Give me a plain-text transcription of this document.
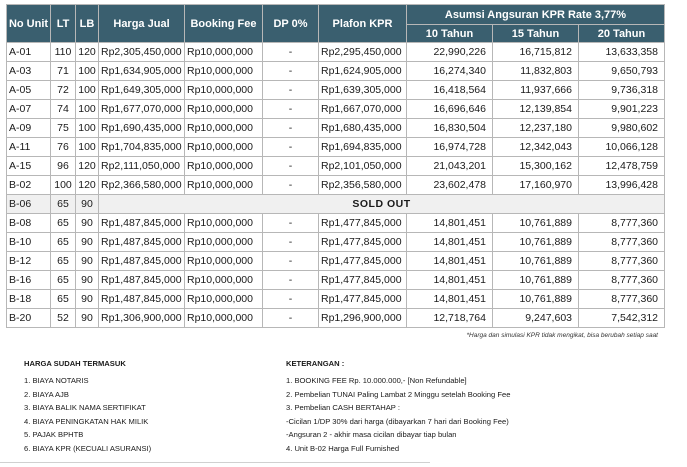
No Unit	LT	LB	Harga Jual	Booking Fee	DP 0%	Plafon KPR	Asumsi Angsuran KPR Rate 3,77%		
							10 Tahun	15 Tahun	20 Tahun
A-01	110	120	Rp2,305,450,000	Rp10,000,000	-	Rp2,295,450,000	22,990,226	16,715,812	13,633,358
A-03	71	100	Rp1,634,905,000	Rp10,000,000	-	Rp1,624,905,000	16,274,340	11,832,803	9,650,793
A-05	72	100	Rp1,649,305,000	Rp10,000,000	-	Rp1,639,305,000	16,418,564	11,937,666	9,736,318
A-07	74	100	Rp1,677,070,000	Rp10,000,000	-	Rp1,667,070,000	16,696,646	12,139,854	9,901,223
A-09	75	100	Rp1,690,435,000	Rp10,000,000	-	Rp1,680,435,000	16,830,504	12,237,180	9,980,602
A-11	76	100	Rp1,704,835,000	Rp10,000,000	-	Rp1,694,835,000	16,974,728	12,342,043	10,066,128
A-15	96	120	Rp2,111,050,000	Rp10,000,000	-	Rp2,101,050,000	21,043,201	15,300,162	12,478,759
B-02	100	120	Rp2,366,580,000	Rp10,000,000	-	Rp2,356,580,000	23,602,478	17,160,970	13,996,428
B-06	65	90	SOLD OUT						
B-08	65	90	Rp1,487,845,000	Rp10,000,000	-	Rp1,477,845,000	14,801,451	10,761,889	8,777,360
B-10	65	90	Rp1,487,845,000	Rp10,000,000	-	Rp1,477,845,000	14,801,451	10,761,889	8,777,360
B-12	65	90	Rp1,487,845,000	Rp10,000,000	-	Rp1,477,845,000	14,801,451	10,761,889	8,777,360
B-16	65	90	Rp1,487,845,000	Rp10,000,000	-	Rp1,477,845,000	14,801,451	10,761,889	8,777,360
B-18	65	90	Rp1,487,845,000	Rp10,000,000	-	Rp1,477,845,000	14,801,451	10,761,889	8,777,360
B-20	52	90	Rp1,306,900,000	Rp10,000,000	-	Rp1,296,900,000	12,718,764	9,247,603	7,542,312
*Harga dan simulasi KPR tidak mengikat, bisa berubah setiap saat
HARGA SUDAH TERMASUK
1. BIAYA NOTARIS
2. BIAYA AJB
3. BIAYA BALIK NAMA SERTIFIKAT
4. BIAYA PENINGKATAN HAK MILIK
5. PAJAK BPHTB
6. BIAYA KPR (KECUALI ASURANSI)
KETERANGAN :
1. BOOKING FEE Rp. 10.000.000,- [Non Refundable]
2. Pembelian TUNAI Paling Lambat 2 Minggu setelah Booking Fee
3. Pembelian CASH BERTAHAP :
-Cicilan 1/DP 30% dari harga (dibayarkan 7 hari dari Booking Fee)
-Angsuran 2 - akhir masa cicilan dibayar tiap bulan
4. Unit B-02 Harga Full Furnished
